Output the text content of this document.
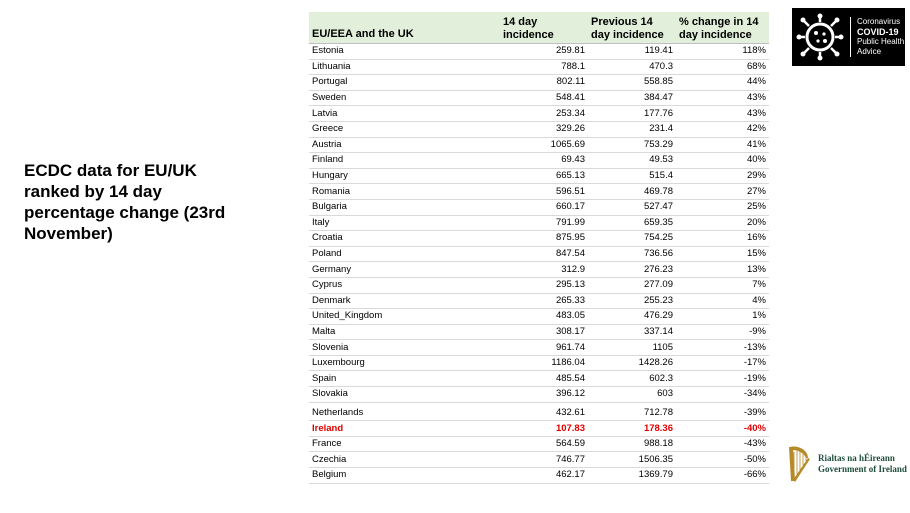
ECDC data for EU/UK
ranked by 14 day
percentage change (23rd
November)
EU/EEA and the UK	14 day incidence	Previous 14 day incidence	% change in 14 day incidence
Estonia	259.81	119.41	118%
Lithuania	788.1	470.3	68%
Portugal	802.11	558.85	44%
Sweden	548.41	384.47	43%
Latvia	253.34	177.76	43%
Greece	329.26	231.4	42%
Austria	1065.69	753.29	41%
Finland	69.43	49.53	40%
Hungary	665.13	515.4	29%
Romania	596.51	469.78	27%
Bulgaria	660.17	527.47	25%
Italy	791.99	659.35	20%
Croatia	875.95	754.25	16%
Poland	847.54	736.56	15%
Germany	312.9	276.23	13%
Cyprus	295.13	277.09	7%
Denmark	265.33	255.23	4%
United_Kingdom	483.05	476.29	1%
Malta	308.17	337.14	-9%
Slovenia	961.74	1105	-13%
Luxembourg	1186.04	1428.26	-17%
Spain	485.54	602.3	-19%
Slovakia	396.12	603	-34%
Netherlands	432.61	712.78	-39%
Ireland	107.83	178.36	-40%
France	564.59	988.18	-43%
Czechia	746.77	1506.35	-50%
Belgium	462.17	1369.79	-66%
Coronavirus
COVID-19
Public Health
Advice
Rialtas na hÉireann
Government of Ireland
